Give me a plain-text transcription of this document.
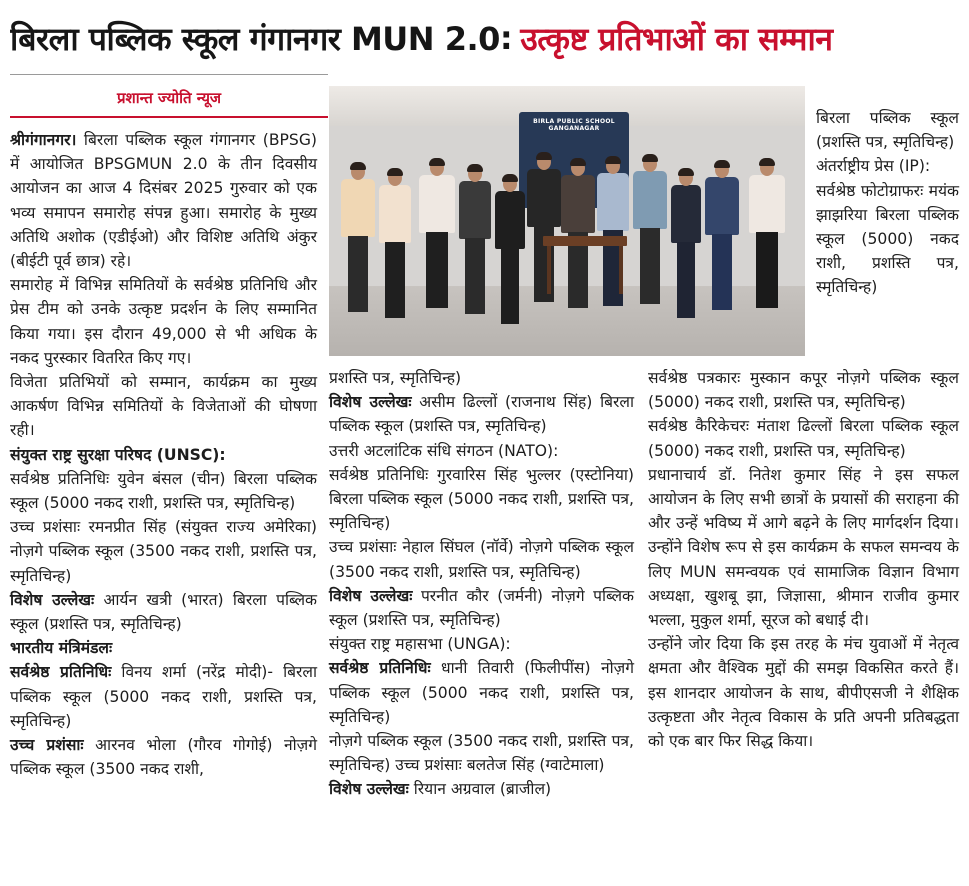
बिरला पब्लिक स्कूल गंगानगर MUN 2.0 : उत्कृष्ट प्रतिभाओं का सम्मान
प्रशान्त ज्योति न्यूज
BIRLA PUBLIC SCHOOL GANGANAGAR

श्रीगंगानगर। बिरला पब्लिक स्कूल गंगानगर (BPSG) में आयोजित BPSGMUN 2.0 के तीन दिवसीय आयोजन का आज 4 दिसंबर 2025 गुरुवार को एक भव्य समापन समारोह संपन्न हुआ। समारोह के मुख्य अतिथि अशोक (एडीईओ) और विशिष्ट अतिथि अंकुर (बीईटी पूर्व छात्र) रहे।

समारोह में विभिन्न समितियों के सर्वश्रेष्ठ प्रतिनिधि और प्रेस टीम को उनके उत्कृष्ट प्रदर्शन के लिए सम्मानित किया गया। इस दौरान 49,000 से भी अधिक के नकद पुरस्कार वितरित किए गए।

विजेता प्रतिभियों को सम्मान, कार्यक्रम का मुख्य आकर्षण विभिन्न समितियों के विजेताओं की घोषणा रही।

संयुक्त राष्ट्र सुरक्षा परिषद (UNSC):

सर्वश्रेष्ठ प्रतिनिधिः युवेन बंसल (चीन) बिरला पब्लिक स्कूल (5000 नकद राशी, प्रशस्ति पत्र, स्मृतिचिन्ह)

उच्च प्रशंसाः रमनप्रीत सिंह (संयुक्त राज्य अमेरिका) नोज़गे पब्लिक स्कूल (3500 नकद राशी, प्रशस्ति पत्र, स्मृतिचिन्ह)

विशेष उल्लेखः आर्यन खत्री (भारत) बिरला पब्लिक स्कूल (प्रशस्ति पत्र, स्मृतिचिन्ह)

भारतीय मंत्रिमंडलः

सर्वश्रेष्ठ प्रतिनिधिः विनय शर्मा (नरेंद्र मोदी)- बिरला पब्लिक स्कूल (5000 नकद राशी, प्रशस्ति पत्र, स्मृतिचिन्ह)

उच्च प्रशंसाः आरनव भोला (गौरव गोगोई) नोज़गे पब्लिक स्कूल (3500 नकद राशी,

प्रशस्ति पत्र, स्मृतिचिन्ह)

विशेष उल्लेखः असीम ढिल्लों (राजनाथ सिंह) बिरला पब्लिक स्कूल (प्रशस्ति पत्र, स्मृतिचिन्ह)

उत्तरी अटलांटिक संधि संगठन (NATO):

सर्वश्रेष्ठ प्रतिनिधिः गुरवारिस सिंह भुल्लर (एस्टोनिया) बिरला पब्लिक स्कूल (5000 नकद राशी, प्रशस्ति पत्र, स्मृतिचिन्ह)

उच्च प्रशंसाः नेहाल सिंघल (नॉर्वे) नोज़गे पब्लिक स्कूल (3500 नकद राशी, प्रशस्ति पत्र, स्मृतिचिन्ह)

विशेष उल्लेखः परनीत कौर (जर्मनी) नोज़गे पब्लिक स्कूल (प्रशस्ति पत्र, स्मृतिचिन्ह)

संयुक्त राष्ट्र महासभा (UNGA):

सर्वश्रेष्ठ प्रतिनिधिः धानी तिवारी (फिलीपींस) नोज़गे पब्लिक स्कूल (5000 नकद राशी, प्रशस्ति पत्र, स्मृतिचिन्ह)

नोज़गे पब्लिक स्कूल (3500 नकद राशी, प्रशस्ति पत्र, स्मृतिचिन्ह) उच्च प्रशंसाः बलतेज सिंह (ग्वाटेमाला)

विशेष उल्लेखः रियान अग्रवाल (ब्राजील)

बिरला पब्लिक स्कूल (प्रशस्ति पत्र, स्मृतिचिन्ह)

अंतर्राष्ट्रीय प्रेस (IP):

सर्वश्रेष्ठ फोटोग्राफरः मयंक झाझरिया बिरला पब्लिक स्कूल (5000) नकद राशी, प्रशस्ति पत्र, स्मृतिचिन्ह)

सर्वश्रेष्ठ पत्रकारः मुस्कान कपूर नोज़गे पब्लिक स्कूल (5000) नकद राशी, प्रशस्ति पत्र, स्मृतिचिन्ह)

सर्वश्रेष्ठ कैरिकेचरः मंताश ढिल्लों बिरला पब्लिक स्कूल (5000) नकद राशी, प्रशस्ति पत्र, स्मृतिचिन्ह)

प्रधानाचार्य डॉ. नितेश कुमार सिंह ने इस सफल आयोजन के लिए सभी छात्रों के प्रयासों की सराहना की और उन्हें भविष्य में आगे बढ़ने के लिए मार्गदर्शन दिया। उन्होंने विशेष रूप से इस कार्यक्रम के सफल समन्वय के लिए MUN समन्वयक एवं सामाजिक विज्ञान विभाग अध्यक्षा, खुशबू झा, जिज्ञासा, श्रीमान राजीव कुमार भल्ला, मुकुल शर्मा, सूरज को बधाई दी।

उन्होंने जोर दिया कि इस तरह के मंच युवाओं में नेतृत्व क्षमता और वैश्विक मुद्दों की समझ विकसित करते हैं। इस शानदार आयोजन के साथ, बीपीएसजी ने शैक्षिक उत्कृष्टता और नेतृत्व विकास के प्रति अपनी प्रतिबद्धता को एक बार फिर सिद्ध किया।
